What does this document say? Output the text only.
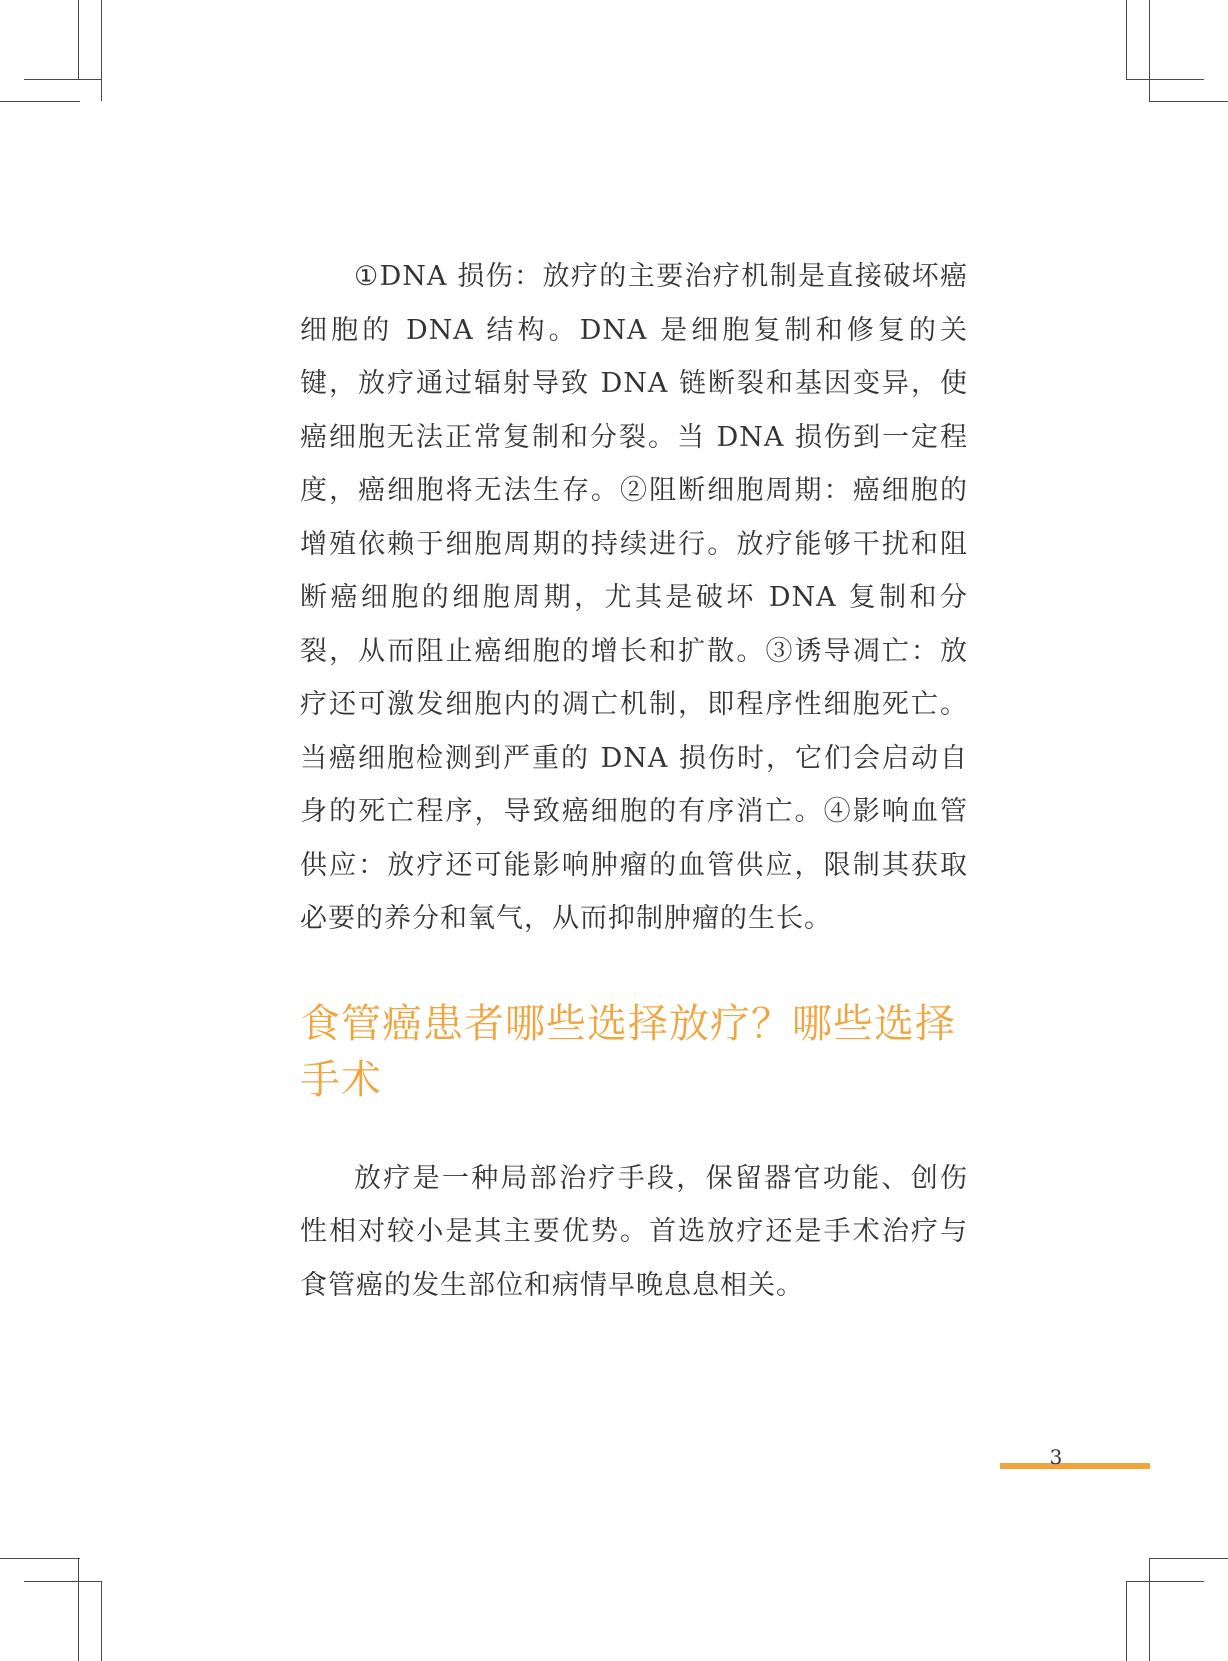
①DNA 损伤：放疗的主要治疗机制是直接破坏癌细胞的 DNA 结构。DNA 是细胞复制和修复的关键，放疗通过辐射导致 DNA 链断裂和基因变异，使癌细胞无法正常复制和分裂。当 DNA 损伤到一定程度，癌细胞将无法生存。②阻断细胞周期：癌细胞的增殖依赖于细胞周期的持续进行。放疗能够干扰和阻断癌细胞的细胞周期，尤其是破坏 DNA 复制和分裂，从而阻止癌细胞的增长和扩散。③诱导凋亡：放疗还可激发细胞内的凋亡机制，即程序性细胞死亡。当癌细胞检测到严重的 DNA 损伤时，它们会启动自身的死亡程序，导致癌细胞的有序消亡。④影响血管供应：放疗还可能影响肿瘤的血管供应，限制其获取必要的养分和氧气，从而抑制肿瘤的生长。

食管癌患者哪些选择放疗？哪些选择手术

放疗是一种局部治疗手段，保留器官功能、创伤性相对较小是其主要优势。首选放疗还是手术治疗与食管癌的发生部位和病情早晚息息相关。

3
